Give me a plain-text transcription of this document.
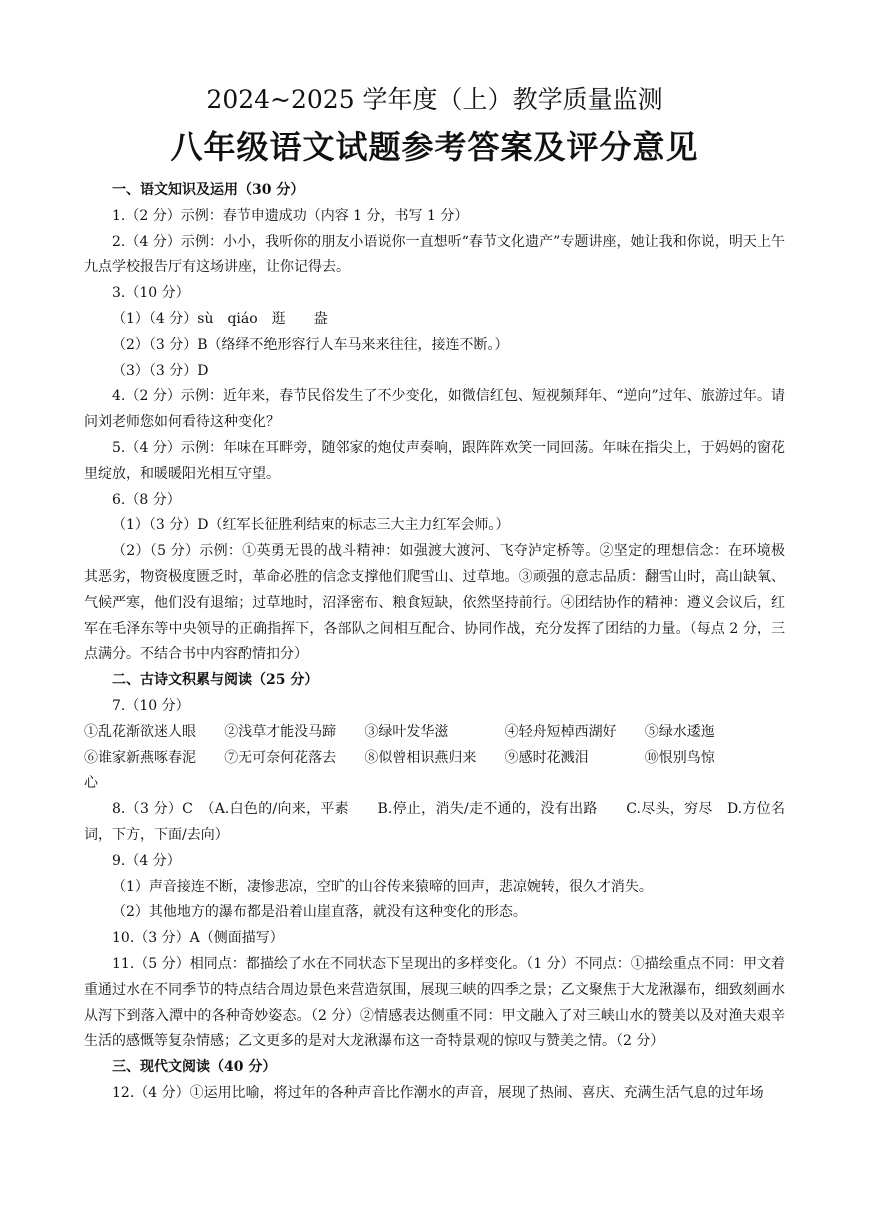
2024~2025 学年度（上）教学质量监测
八年级语文试题参考答案及评分意见

一、语文知识及运用（30 分）

1.（2 分）示例：春节申遗成功（内容 1 分，书写 1 分）

2.（4 分）示例：小小，我听你的朋友小语说你一直想听“春节文化遗产”专题讲座，她让我和你说，明天上午九点学校报告厅有这场讲座，让你记得去。

3.（10 分）

（1）（4 分）sù　qiáo　逛　　盎

（2）（3 分）B（络绎不绝形容行人车马来来往往，接连不断。）

（3）（3 分）D

4.（2 分）示例：近年来，春节民俗发生了不少变化，如微信红包、短视频拜年、“逆向”过年、旅游过年。请问刘老师您如何看待这种变化？

5.（4 分）示例：年味在耳畔旁，随邻家的炮仗声奏响，跟阵阵欢笑一同回荡。年味在指尖上，于妈妈的窗花里绽放，和暖暖阳光相互守望。

6.（8 分）

（1）（3 分）D（红军长征胜利结束的标志三大主力红军会师。）

（2）（5 分）示例：①英勇无畏的战斗精神：如强渡大渡河、飞夺泸定桥等。②坚定的理想信念：在环境极其恶劣，物资极度匮乏时，革命必胜的信念支撑他们爬雪山、过草地。③顽强的意志品质：翻雪山时，高山缺氧、气候严寒，他们没有退缩；过草地时，沼泽密布、粮食短缺，依然坚持前行。④团结协作的精神：遵义会议后，红军在毛泽东等中央领导的正确指挥下，各部队之间相互配合、协同作战，充分发挥了团结的力量。（每点 2 分，三点满分。不结合书中内容酌情扣分）

二、古诗文积累与阅读（25 分）

7.（10 分）

①乱花渐欲迷人眼	②浅草才能没马蹄	③绿叶发华滋	④轻舟短棹西湖好	⑤绿水逶迤
⑥谁家新燕啄春泥	⑦无可奈何花落去	⑧似曾相识燕归来	⑨感时花溅泪	⑩恨别鸟惊

心

8.（3 分）C　（A.白色的/向来，平素　　B.停止，消失/走不通的，没有出路　　C.尽头，穷尽　D.方位名词，下方，下面/去向）

9.（4 分）

（1）声音接连不断，凄惨悲凉，空旷的山谷传来猿啼的回声，悲凉婉转，很久才消失。

（2）其他地方的瀑布都是沿着山崖直落，就没有这种变化的形态。

10.（3 分）A（侧面描写）

11.（5 分）相同点：都描绘了水在不同状态下呈现出的多样变化。（1 分）不同点：①描绘重点不同：甲文着重通过水在不同季节的特点结合周边景色来营造氛围，展现三峡的四季之景；乙文聚焦于大龙湫瀑布，细致刻画水从泻下到落入潭中的各种奇妙姿态。（2 分）②情感表达侧重不同：甲文融入了对三峡山水的赞美以及对渔夫艰辛生活的感慨等复杂情感；乙文更多的是对大龙湫瀑布这一奇特景观的惊叹与赞美之情。（2 分）

三、现代文阅读（40 分）

12.（4 分）①运用比喻，将过年的各种声音比作潮水的声音，展现了热闹、喜庆、充满生活气息的过年场
